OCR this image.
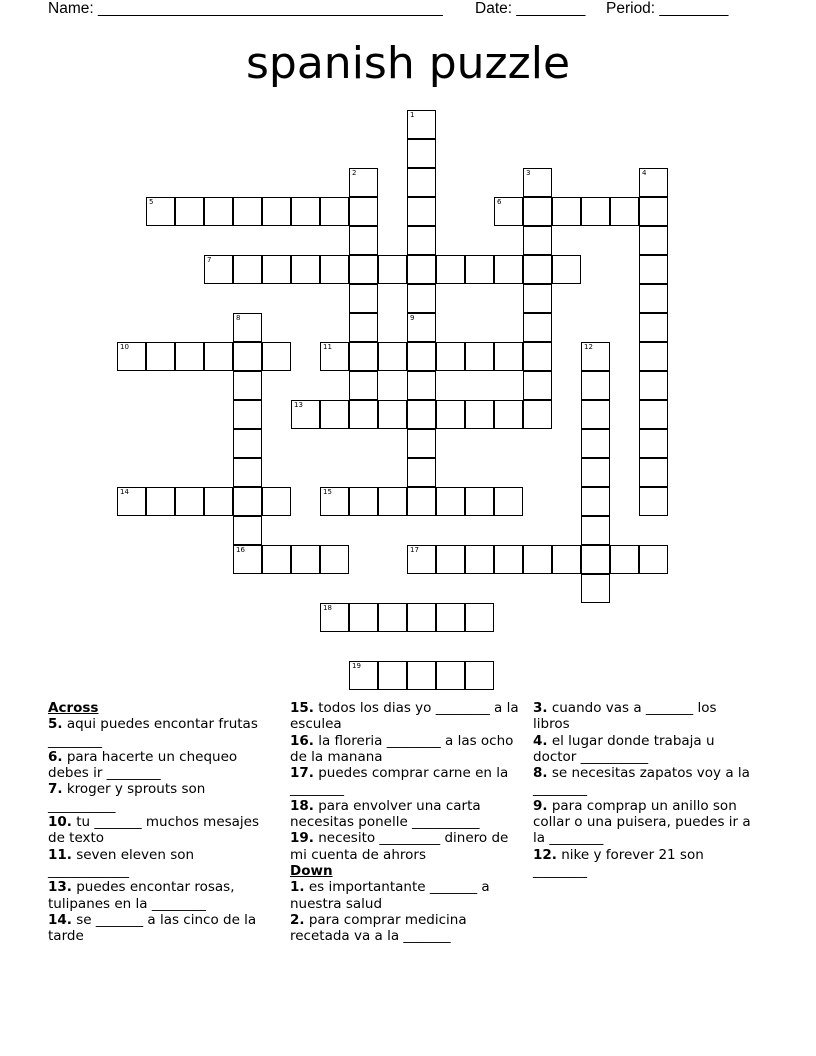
Name: ________________________________________ Date: ________ Period: ________
spanish puzzle
1
2	3	4
5	6
7
8	9
10	11	12
13
14	15
16	17
18
19
Across
5. aqui puedes encontar frutas ________
6. para hacerte un chequeo debes ir ________
7. kroger y sprouts son __________
10. tu _______ muchos mesajes de texto
11. seven eleven son ____________
13. puedes encontar rosas, tulipanes en la ________
14. se _______ a las cinco de la tarde
15. todos los dias yo ________ a la esculea
16. la floreria ________ a las ocho de la manana
17. puedes comprar carne en la ________
18. para envolver una carta necesitas ponelle __________
19. necesito _________ dinero de mi cuenta de ahrors
Down
1. es importantante _______ a nuestra salud
2. para comprar medicina recetada va a la _______
3. cuando vas a _______ los libros
4. el lugar donde trabaja u doctor __________
8. se necesitas zapatos voy a la ________
9. para comprap un anillo son collar o una puisera, puedes ir a la ________
12. nike y forever 21 son ________
